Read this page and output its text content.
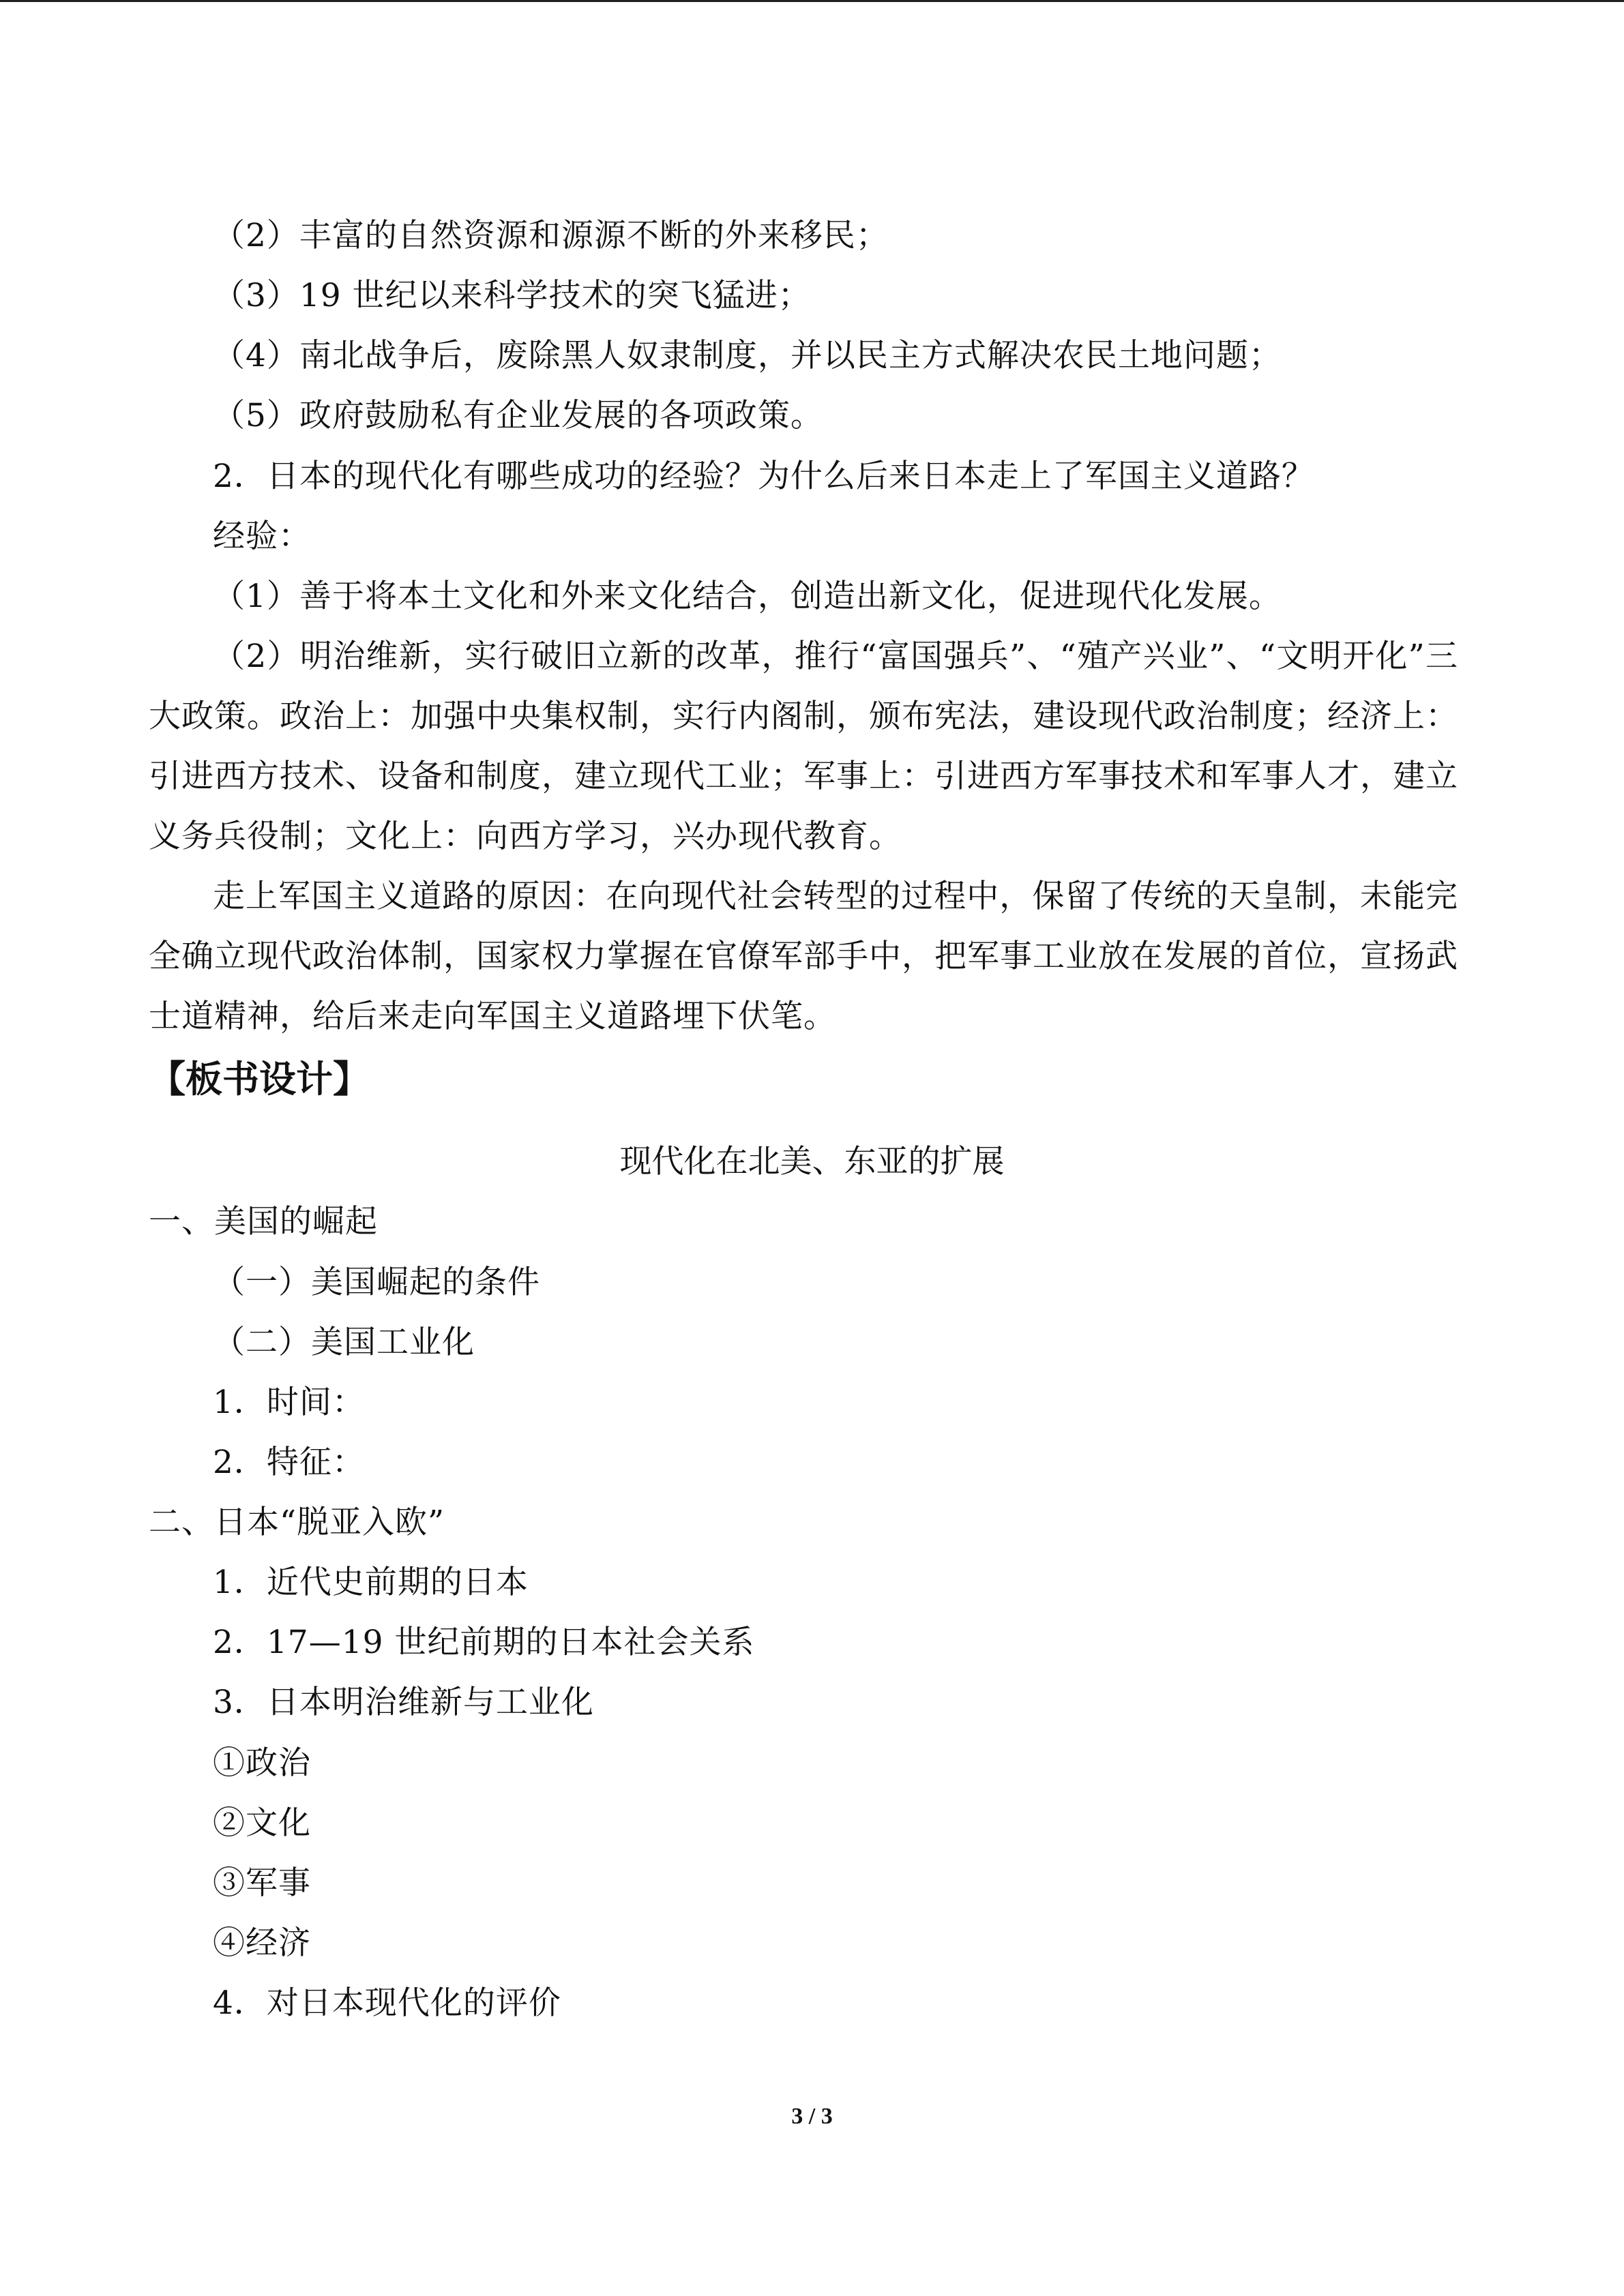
（2）丰富的自然资源和源源不断的外来移民；
（3）19 世纪以来科学技术的突飞猛进；
（4）南北战争后，废除黑人奴隶制度，并以民主方式解决农民土地问题；
（5）政府鼓励私有企业发展的各项政策。
2．日本的现代化有哪些成功的经验？为什么后来日本走上了军国主义道路？
经验：
（1）善于将本土文化和外来文化结合，创造出新文化，促进现代化发展。
（2）明治维新，实行破旧立新的改革，推行“富国强兵”、“殖产兴业”、“文明开化”三
大政策。政治上：加强中央集权制，实行内阁制，颁布宪法，建设现代政治制度；经济上：
引进西方技术、设备和制度，建立现代工业；军事上：引进西方军事技术和军事人才，建立
义务兵役制；文化上：向西方学习，兴办现代教育。
走上军国主义道路的原因：在向现代社会转型的过程中，保留了传统的天皇制，未能完
全确立现代政治体制，国家权力掌握在官僚军部手中，把军事工业放在发展的首位，宣扬武
士道精神，给后来走向军国主义道路埋下伏笔。
【板书设计】
现代化在北美、东亚的扩展
一、美国的崛起
（一）美国崛起的条件
（二）美国工业化
1．时间：
2．特征：
二、日本“脱亚入欧”
1．近代史前期的日本
2．17—19 世纪前期的日本社会关系
3．日本明治维新与工业化
①政治
②文化
③军事
④经济
4．对日本现代化的评价
3 / 3
